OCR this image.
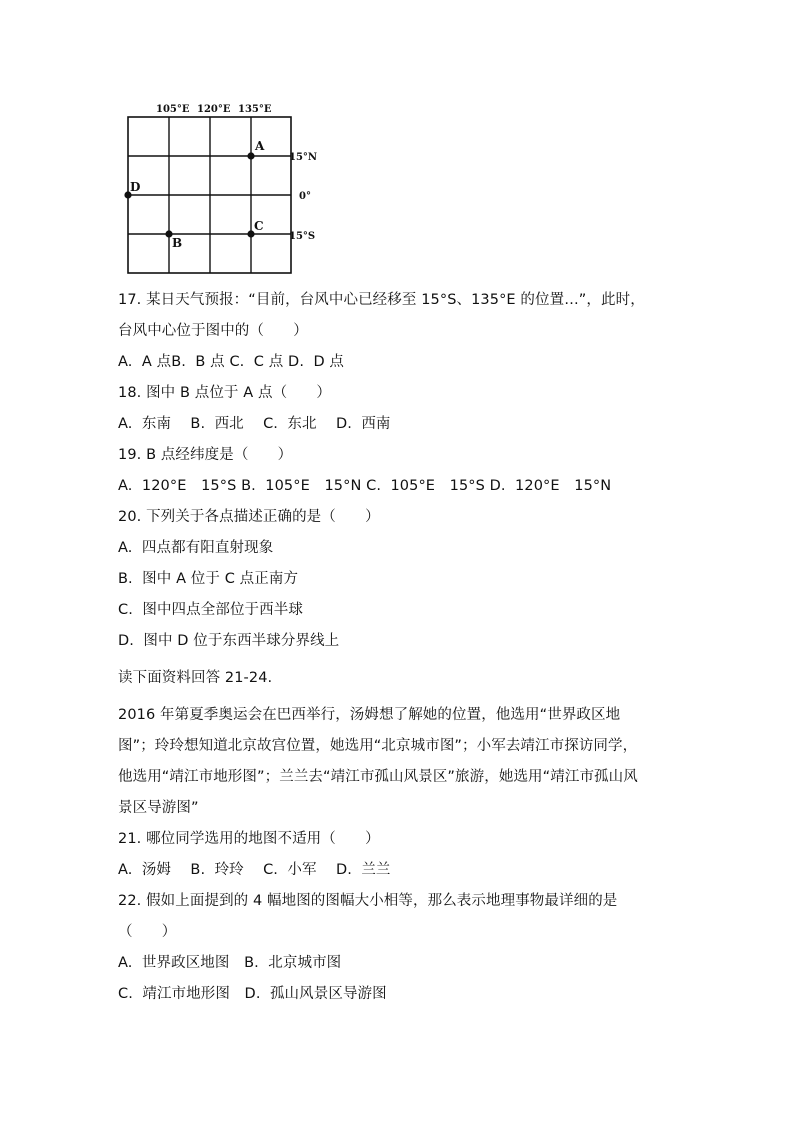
105°E 120°E 135°E
15°N
0°
15°S
A
B
C
D
17. 某日天气预报：“目前，台风中心已经移至 15°S、135°E 的位置…”，此时，
台风中心位于图中的（　　）
A.  A 点B.  B 点 C.  C 点 D.  D 点
18. 图中 B 点位于 A 点（　　）
A.  东南　 B.  西北　 C.  东北　 D.  西南
19. B 点经纬度是（　　）
A.  120°E　15°S B.  105°E　15°N C.  105°E　15°S D.  120°E　15°N
20. 下列关于各点描述正确的是（　　）
A.  四点都有阳直射现象
B.  图中 A 位于 C 点正南方
C.  图中四点全部位于西半球
D.  图中 D 位于东西半球分界线上
读下面资料回答 21-24.
2016 年第夏季奥运会在巴西举行，汤姆想了解她的位置，他选用“世界政区地
图”；玲玲想知道北京故宫位置，她选用“北京城市图”；小军去靖江市探访同学，
他选用“靖江市地形图”；兰兰去“靖江市孤山风景区”旅游，她选用“靖江市孤山风
景区导游图”
21. 哪位同学选用的地图不适用（　　）
A.  汤姆　 B.  玲玲　 C.  小军　 D.  兰兰
22. 假如上面提到的 4 幅地图的图幅大小相等，那么表示地理事物最详细的是
（　　）
A.  世界政区地图　B.  北京城市图
C.  靖江市地形图　D.  孤山风景区导游图
